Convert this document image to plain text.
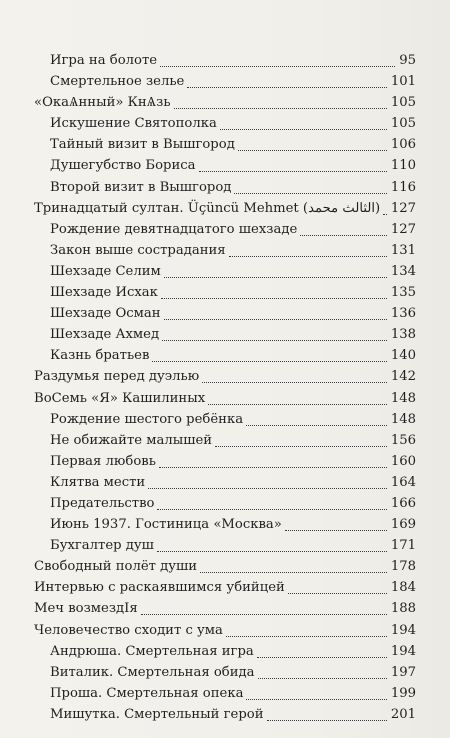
Игра на болоте	95
Смертельное зелье	101
«ОкаѦнный» КнѦзь	105
Искушение Святополка	105
Тайный визит в Вышгород	106
Душегубство Бориса	110
Второй визит в Вышгород	116
Тринадцатый султан. Üçüncü Mehmet (الثالث محمد) 127
Рождение девятнадцатого шехзаде	127
Закон выше сострадания	131
Шехзаде Селим	134
Шехзаде Исхак	135
Шехзаде Осман	136
Шехзаде Ахмед	138
Казнь братьев	140
Раздумья перед дуэлью	142
ВоСемь «Я» Кашилиных	148
Рождение шестого ребёнка	148
Не обижайте малышей	156
Первая любовь	160
Клятва мести	164
Предательство	166
Июнь 1937. Гостиница «Москва»	169
Бухгалтер душ	171
Свободный полёт души	178
Интервью с раскаявшимся убийцей	184
Меч возмездIя	188
Человечество сходит с ума	194
Андрюша. Смертельная игра	194
Виталик. Смертельная обида	197
Проша. Смертельная опека	199
Мишутка. Смертельный герой	201
